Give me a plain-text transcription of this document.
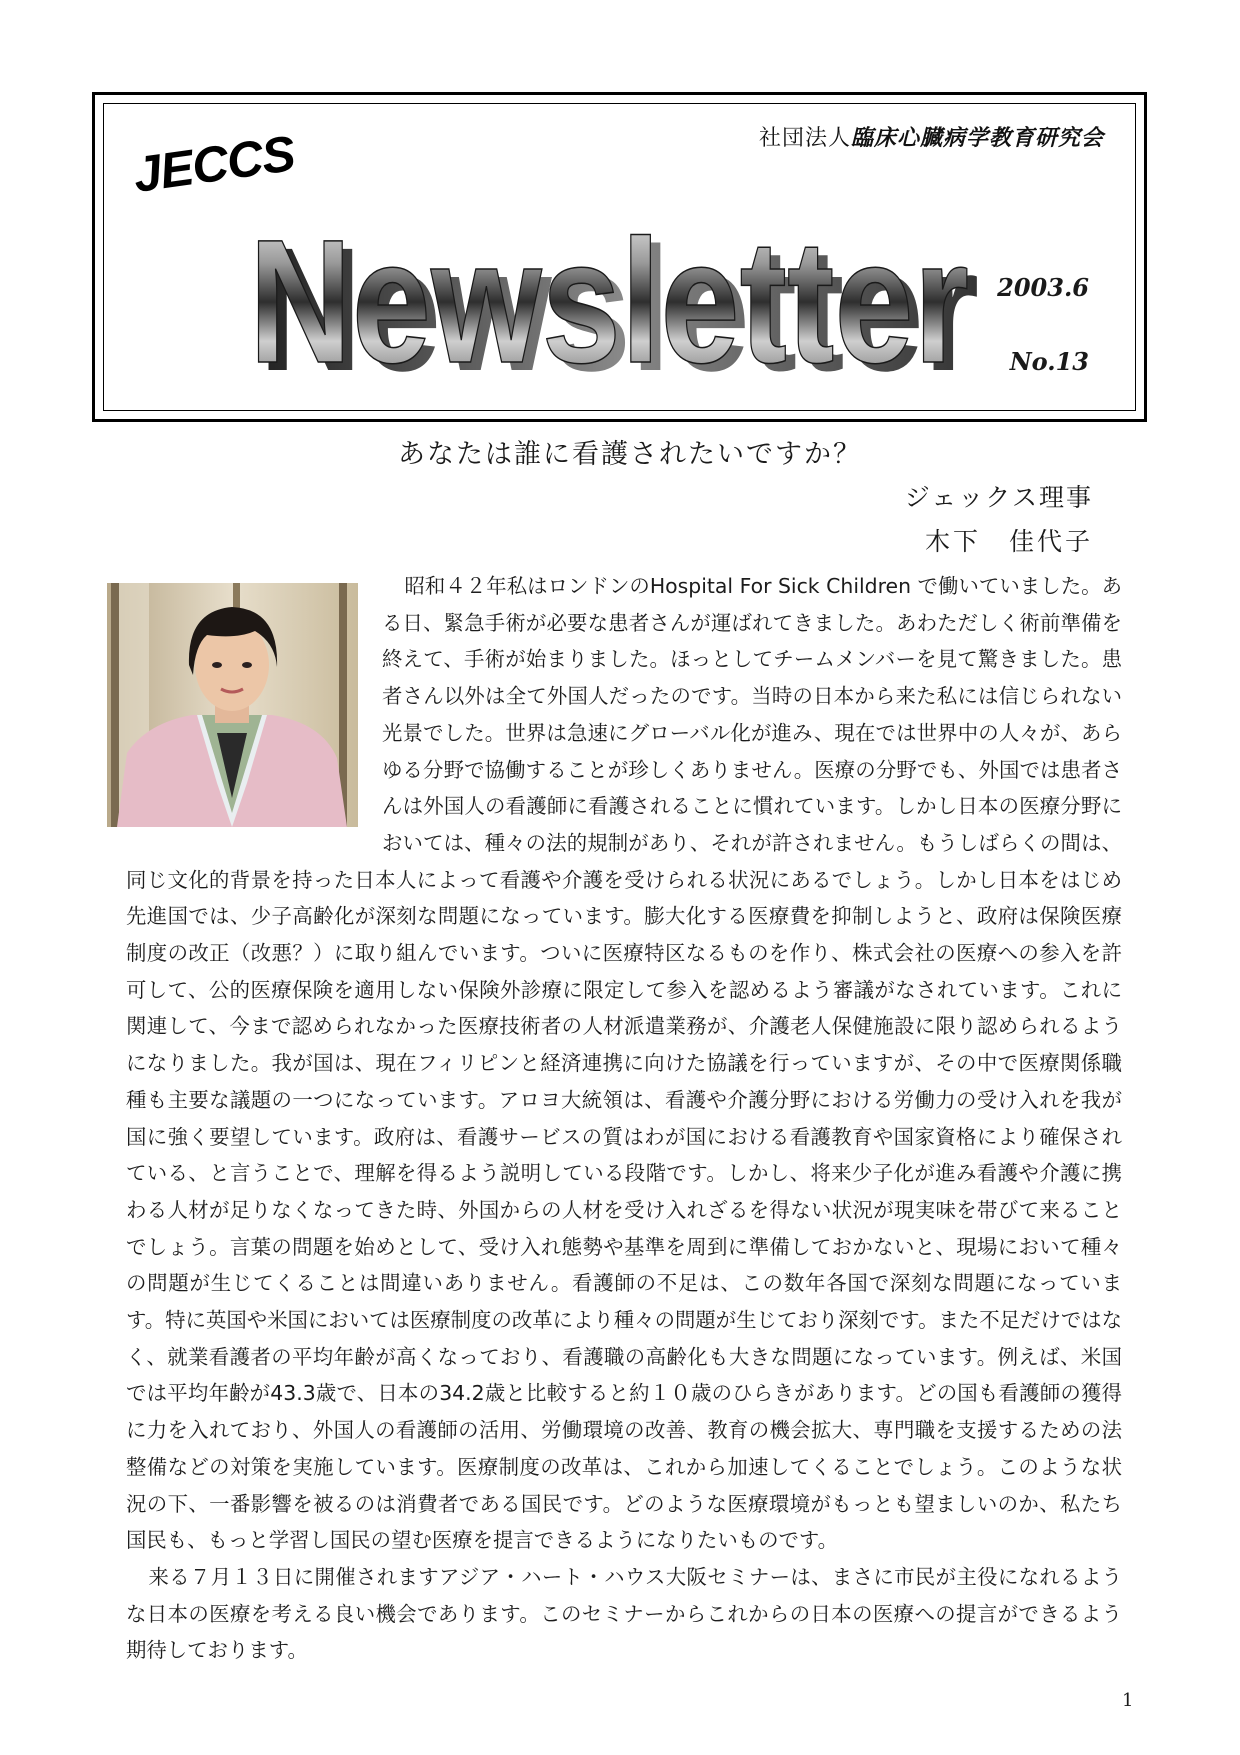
社団法人臨床心臓病学教育研究会
JECCS
Newsletter
Newsletter 2003.6
No.13
あなたは誰に看護されたいですか？
ジェックス理事
木下　佳代子

昭和４２年私はロンドンのHospital For Sick Children で働いていました。ある日、緊急手術が必要な患者さんが運ばれてきました。あわただしく術前準備を終えて、手術が始まりました。ほっとしてチームメンバーを見て驚きました。患者さん以外は全て外国人だったのです。当時の日本から来た私には信じられない光景でした。世界は急速にグローバル化が進み、現在では世界中の人々が、あらゆる分野で協働することが珍しくありません。医療の分野でも、外国では患者さんは外国人の看護師に看護されることに慣れています。しかし日本の医療分野においては、種々の法的規制があり、それが許されません。もうしばらくの間は、同じ文化的背景を持った日本人によって看護や介護を受けられる状況にあるでしょう。しかし日本をはじめ先進国では、少子高齢化が深刻な問題になっています。膨大化する医療費を抑制しようと、政府は保険医療制度の改正（改悪？）に取り組んでいます。ついに医療特区なるものを作り、株式会社の医療への参入を許可して、公的医療保険を適用しない保険外診療に限定して参入を認めるよう審議がなされています。これに関連して、今まで認められなかった医療技術者の人材派遣業務が、介護老人保健施設に限り認められるようになりました。我が国は、現在フィリピンと経済連携に向けた協議を行っていますが、その中で医療関係職種も主要な議題の一つになっています。アロヨ大統領は、看護や介護分野における労働力の受け入れを我が国に強く要望しています。政府は、看護サービスの質はわが国における看護教育や国家資格により確保されている、と言うことで、理解を得るよう説明している段階です。しかし、将来少子化が進み看護や介護に携わる人材が足りなくなってきた時、外国からの人材を受け入れざるを得ない状況が現実味を帯びて来ることでしょう。言葉の問題を始めとして、受け入れ態勢や基準を周到に準備しておかないと、現場において種々の問題が生じてくることは間違いありません。看護師の不足は、この数年各国で深刻な問題になっています。特に英国や米国においては医療制度の改革により種々の問題が生じており深刻です。また不足だけではなく、就業看護者の平均年齢が高くなっており、看護職の高齢化も大きな問題になっています。例えば、米国では平均年齢が43.3歳で、日本の34.2歳と比較すると約１０歳のひらきがあります。どの国も看護師の獲得に力を入れており、外国人の看護師の活用、労働環境の改善、教育の機会拡大、専門職を支援するための法整備などの対策を実施しています。医療制度の改革は、これから加速してくることでしょう。このような状況の下、一番影響を被るのは消費者である国民です。どのような医療環境がもっとも望ましいのか、私たち国民も、もっと学習し国民の望む医療を提言できるようになりたいものです。

来る７月１３日に開催されますアジア・ハート・ハウス大阪セミナーは、まさに市民が主役になれるような日本の医療を考える良い機会であります。このセミナーからこれからの日本の医療への提言ができるよう期待しております。

1
